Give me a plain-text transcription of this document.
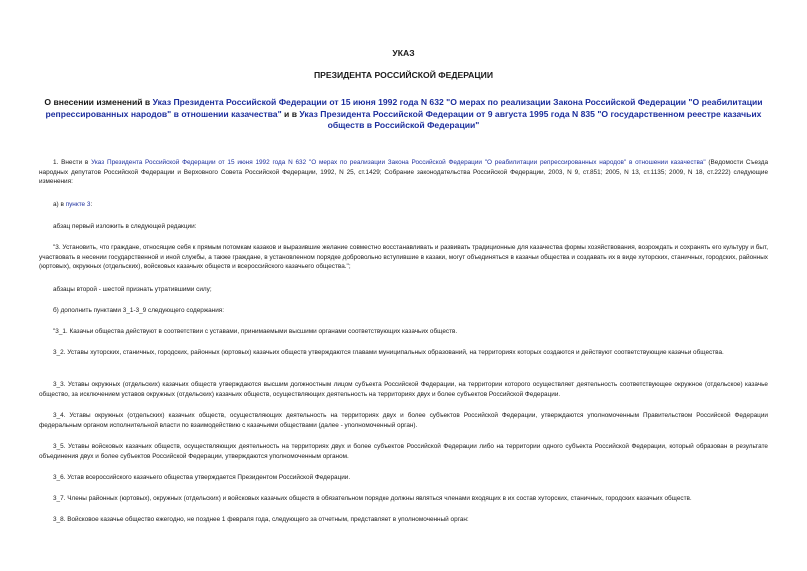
УКАЗ
ПРЕЗИДЕНТА РОССИЙСКОЙ ФЕДЕРАЦИИ
О внесении изменений в Указ Президента Российской Федерации от 15 июня 1992 года N 632 "О мерах по реализации Закона Российской Федерации "О реабилитации репрессированных народов" в отношении казачества" и в Указ Президента Российской Федерации от 9 августа 1995 года N 835 "О государственном реестре казачьих обществ в Российской Федерации"

1. Внести в Указ Президента Российской Федерации от 15 июня 1992 года N 632 "О мерах по реализации Закона Российской Федерации "О реабилитации репрессированных народов" в отношении казачества" (Ведомости Съезда народных депутатов Российской Федерации и Верховного Совета Российской Федерации, 1992, N 25, ст.1429; Собрание законодательства Российской Федерации, 2003, N 9, ст.851; 2005, N 13, ст.1135; 2009, N 18, ст.2222) следующие изменения:

а) в пункте 3:

абзац первый изложить в следующей редакции:

"3. Установить, что граждане, относящие себя к прямым потомкам казаков и выразившие желание совместно восстанавливать и развивать традиционные для казачества формы хозяйствования, возрождать и сохранять его культуру и быт, участвовать в несении государственной и иной службы, а также граждане, в установленном порядке добровольно вступившие в казаки, могут объединяться в казачьи общества и создавать их в виде хуторских, станичных, городских, районных (юртовых), окружных (отдельских), войсковых казачьих обществ и всероссийского казачьего общества.";

абзацы второй - шестой признать утратившими силу;

б) дополнить пунктами 3_1-3_9 следующего содержания:

"3_1. Казачьи общества действуют в соответствии с уставами, принимаемыми высшими органами соответствующих казачьих обществ.

3_2. Уставы хуторских, станичных, городских, районных (юртовых) казачьих обществ утверждаются главами муниципальных образований, на территориях которых создаются и действуют соответствующие казачьи общества.

3_3. Уставы окружных (отдельских) казачьих обществ утверждаются высшим должностным лицом субъекта Российской Федерации, на территории которого осуществляет деятельность соответствующее окружное (отдельское) казачье общество, за исключением уставов окружных (отдельских) казачьих обществ, осуществляющих деятельность на территориях двух и более субъектов Российской Федерации.

3_4. Уставы окружных (отдельских) казачьих обществ, осуществляющих деятельность на территориях двух и более субъектов Российской Федерации, утверждаются уполномоченным Правительством Российской Федерации федеральным органом исполнительной власти по взаимодействию с казачьими обществами (далее - уполномоченный орган).

3_5. Уставы войсковых казачьих обществ, осуществляющих деятельность на территориях двух и более субъектов Российской Федерации либо на территории одного субъекта Российской Федерации, который образован в результате объединения двух и более субъектов Российской Федерации, утверждаются уполномоченным органом.

3_6. Устав всероссийского казачьего общества утверждается Президентом Российской Федерации.

3_7. Члены районных (юртовых), окружных (отдельских) и войсковых казачьих обществ в обязательном порядке должны являться членами входящих в их состав хуторских, станичных, городских казачьих обществ.

3_8. Войсковое казачье общество ежегодно, не позднее 1 февраля года, следующего за отчетным, представляет в уполномоченный орган:
